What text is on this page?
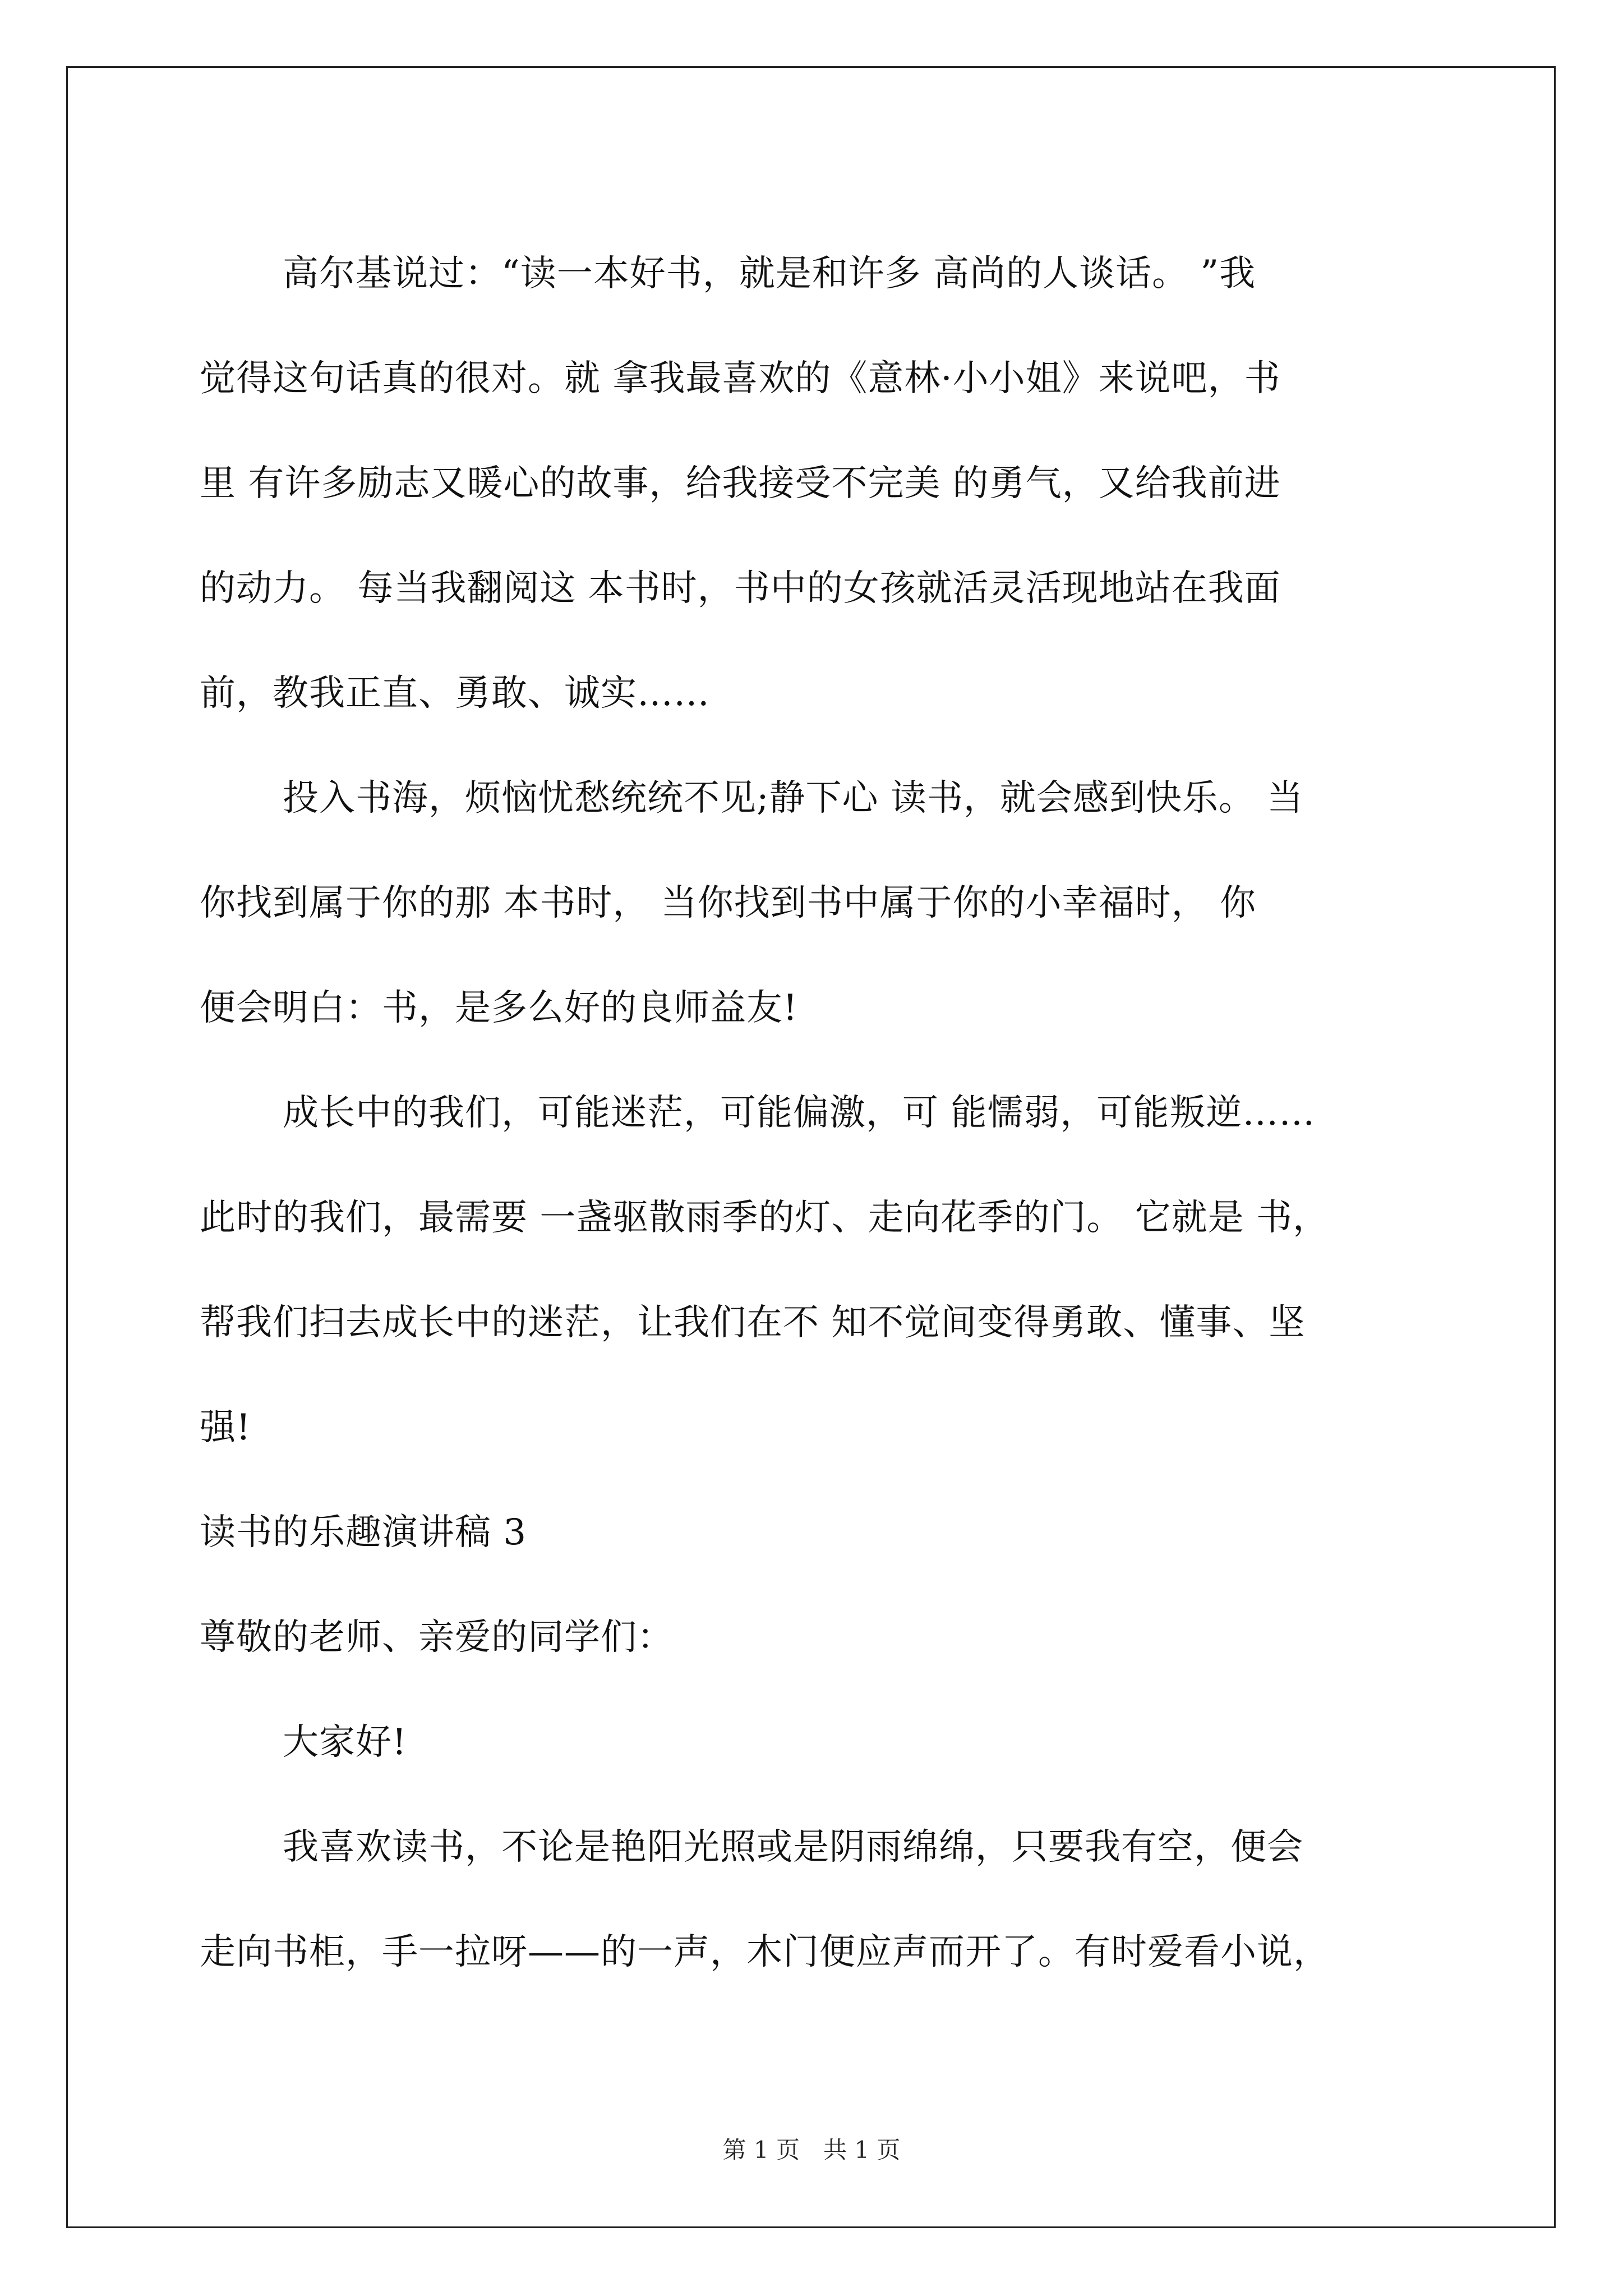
高尔基说过：“读一本好书，就是和许多 高尚的人谈话。 ”我
觉得这句话真的很对。就 拿我最喜欢的《意林·小小姐》来说吧，书
里 有许多励志又暖心的故事，给我接受不完美 的勇气，又给我前进
的动力。 每当我翻阅这 本书时，书中的女孩就活灵活现地站在我面
前，教我正直、勇敢、诚实……

投入书海，烦恼忧愁统统不见;静下心 读书，就会感到快乐。 当
你找到属于你的那 本书时， 当你找到书中属于你的小幸福时， 你
便会明白：书，是多么好的良师益友!

成长中的我们，可能迷茫，可能偏激，可 能懦弱，可能叛逆……
此时的我们，最需要 一盏驱散雨季的灯、走向花季的门。 它就是 书，
帮我们扫去成长中的迷茫，让我们在不 知不觉间变得勇敢、懂事、坚
强!

读书的乐趣演讲稿 3

尊敬的老师、亲爱的同学们：

大家好!

我喜欢读书，不论是艳阳光照或是阴雨绵绵，只要我有空，便会
走向书柜，手一拉呀——的一声，木门便应声而开了。有时爱看小说，

第 1 页　共 1 页
